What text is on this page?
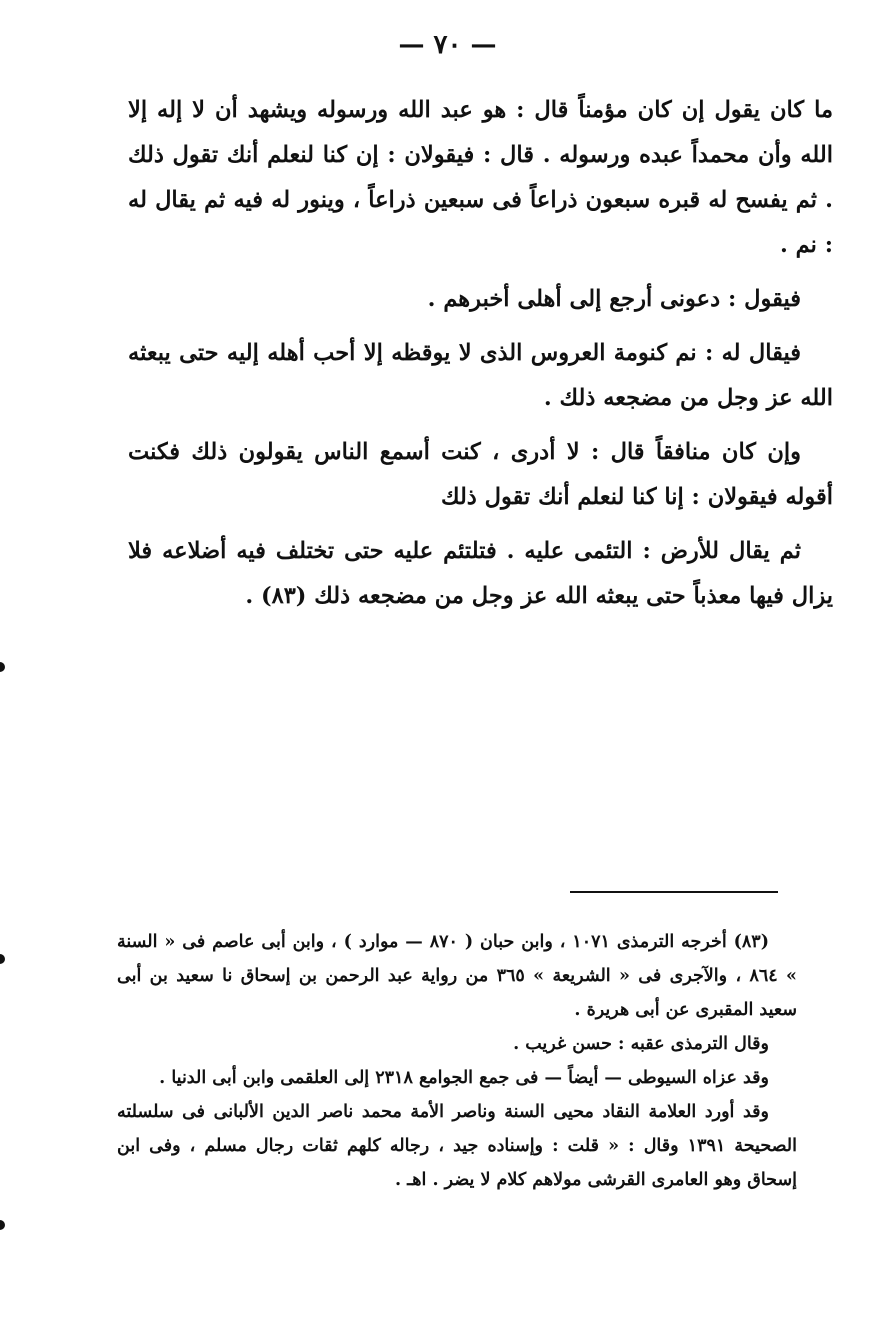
— ٧٠ —

ما كان يقول إن كان مؤمناً قال : هو عبد الله ورسوله ويشهد أن لا إله إلا الله وأن محمداً عبده ورسوله . قال : فيقولان : إن كنا لنعلم أنك تقول ذلك . ثم يفسح له قبره سبعون ذراعاً فى سبعين ذراعاً ، وينور له فيه ثم يقال له : نم .

فيقول : دعونى أرجع إلى أهلى أخبرهم .

فيقال له : نم كنومة العروس الذى لا يوقظه إلا أحب أهله إليه حتى يبعثه الله عز وجل من مضجعه ذلك .

وإن كان منافقاً قال : لا أدرى ، كنت أسمع الناس يقولون ذلك فكنت أقوله فيقولان : إنا كنا لنعلم أنك تقول ذلك

ثم يقال للأرض : التئمى عليه . فتلتئم عليه حتى تختلف فيه أضلاعه فلا يزال فيها معذباً حتى يبعثه الله عز وجل من مضجعه ذلك (٨٣) .

(٨٣) أخرجه الترمذى ١٠٧١ ، وابن حبان ( ٨٧٠ — موارد ) ، وابن أبى عاصم فى « السنة » ٨٦٤ ، والآجرى فى « الشريعة » ٣٦٥ من رواية عبد الرحمن بن إسحاق نا سعيد بن أبى سعيد المقبرى عن أبى هريرة .

وقال الترمذى عقبه : حسن غريب .

وقد عزاه السيوطى — أيضاً — فى جمع الجوامع ٢٣١٨ إلى العلقمى وابن أبى الدنيا .

وقد أورد العلامة النقاد محيى السنة وناصر الأمة محمد ناصر الدين الألبانى فى سلسلته الصحيحة ١٣٩١ وقال : « قلت : وإسناده جيد ، رجاله كلهم ثقات رجال مسلم ، وفى ابن إسحاق وهو العامرى القرشى مولاهم كلام لا يضر . اهـ .
